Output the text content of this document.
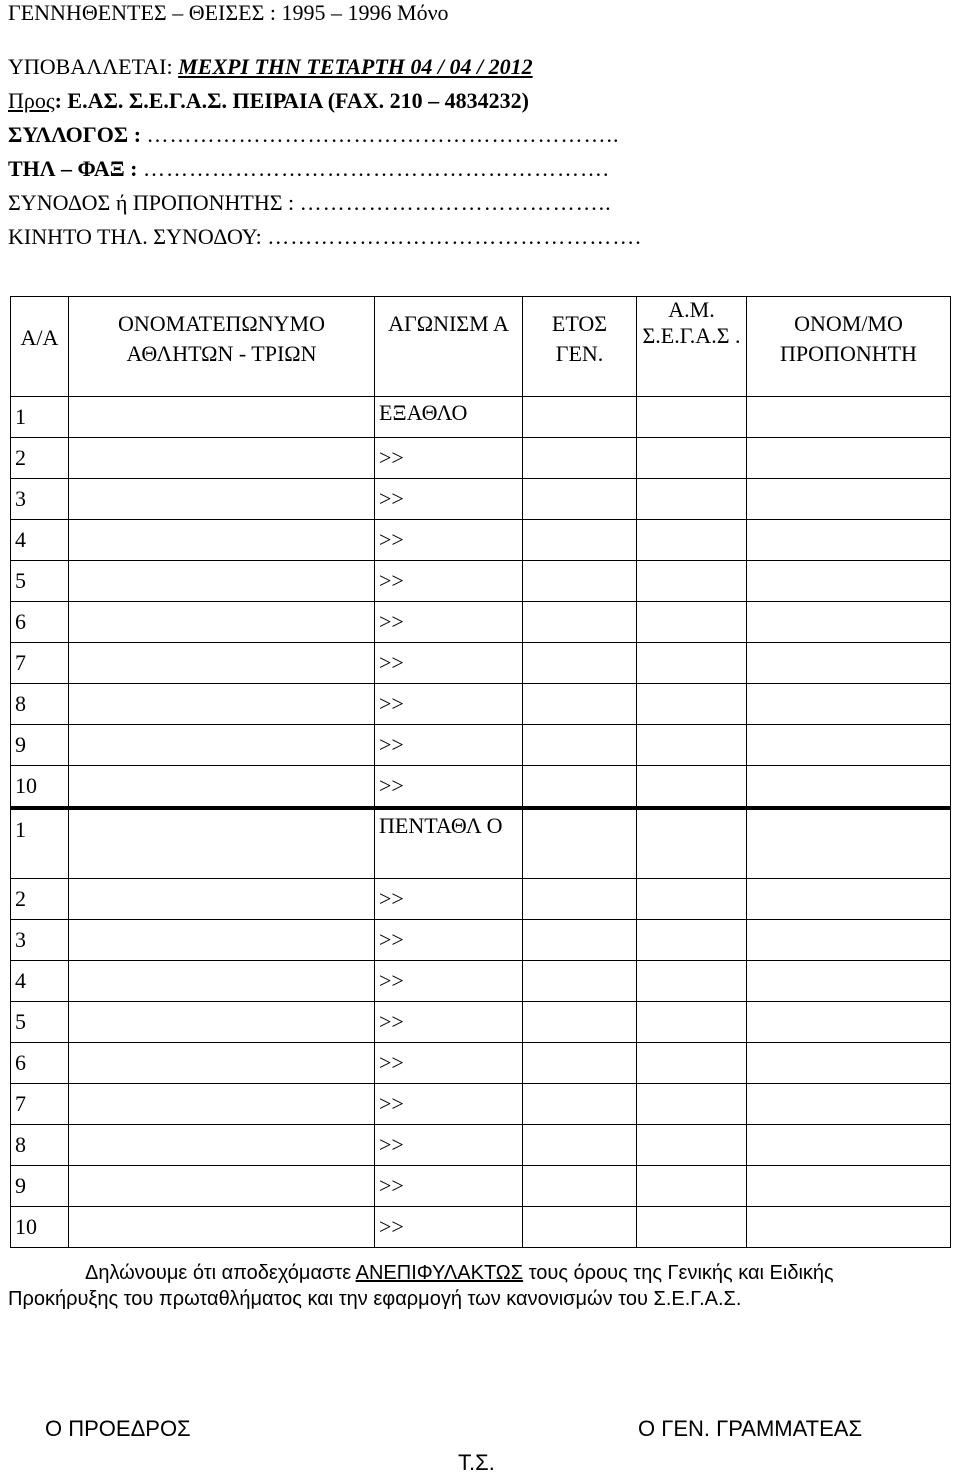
ΓΕΝΝΗΘΕΝΤΕΣ – ΘΕΙΣΕΣ : 1995 – 1996 Μόνο
ΥΠΟΒΑΛΛΕΤΑΙ: ΜΕΧΡΙ ΤΗΝ ΤΕΤΑΡΤΗ 04 / 04 / 2012
Προς: Ε.ΑΣ. Σ.Ε.Γ.Α.Σ. ΠΕΙΡΑΙΑ (FAX. 210 – 4834232)
ΣΥΛΛΟΓΟΣ : ……………………………………………………..
ΤΗΛ – ΦΑΞ : …………………………………………………….
ΣΥΝΟΔΟΣ ή ΠΡΟΠΟΝΗΤΗΣ : …………………………………..
ΚΙΝΗΤΟ ΤΗΛ. ΣΥΝΟΔΟΥ: ………………………………………….
Α/Α	ΟΝΟΜΑΤΕΠΩΝΥΜΟ ΑΘΛΗΤΩΝ - ΤΡΙΩΝ	ΑΓΩΝΙΣΜ Α	ΕΤΟΣ ΓΕΝ.	Α.Μ. Σ.Ε.Γ.Α.Σ .	ΟΝΟΜ/ΜΟ ΠΡΟΠΟΝΗΤΗ
1		ΕΞΑΘΛΟ			
2		>>			
3		>>			
4		>>			
5		>>			
6		>>			
7		>>			
8		>>			
9		>>			
10		>>			
1		ΠΕΝΤΑΘΛ Ο			
2		>>			
3		>>			
4		>>			
5		>>			
6		>>			
7		>>			
8		>>			
9		>>			
10		>>			
Δηλώνουμε ότι αποδεχόμαστε ΑΝΕΠΙΦΥΛΑΚΤΩΣ τους όρους της Γενικής και Ειδικής
Προκήρυξης του πρωταθλήματος και την εφαρμογή των κανονισμών του Σ.Ε.Γ.Α.Σ.
Ο ΠΡΟΕΔΡΟΣ	Ο ΓΕΝ. ΓΡΑΜΜΑΤΕΑΣ
Τ.Σ.
